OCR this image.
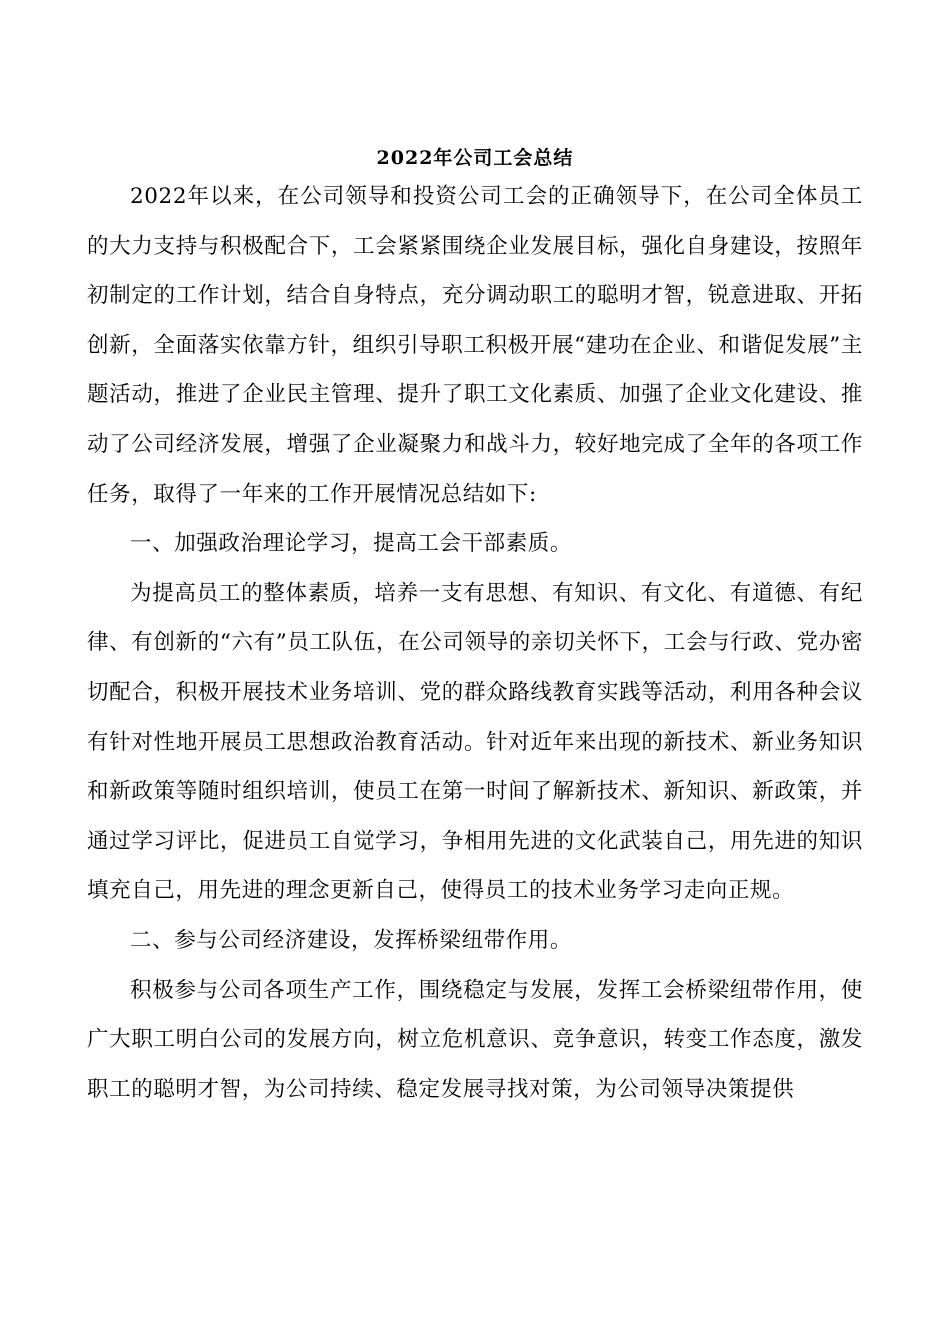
2022年公司工会总结

2022年以来，在公司领导和投资公司工会的正确领导下，在公司全体员工的大力支持与积极配合下，工会紧紧围绕企业发展目标，强化自身建设，按照年初制定的工作计划，结合自身特点，充分调动职工的聪明才智，锐意进取、开拓创新，全面落实依靠方针，组织引导职工积极开展“建功在企业、和谐促发展”主题活动，推进了企业民主管理、提升了职工文化素质、加强了企业文化建设、推动了公司经济发展，增强了企业凝聚力和战斗力，较好地完成了全年的各项工作任务，取得了一年来的工作开展情况总结如下:

一、加强政治理论学习，提高工会干部素质。

为提高员工的整体素质，培养一支有思想、有知识、有文化、有道德、有纪律、有创新的“六有”员工队伍，在公司领导的亲切关怀下，工会与行政、党办密切配合，积极开展技术业务培训、党的群众路线教育实践等活动，利用各种会议有针对性地开展员工思想政治教育活动。针对近年来出现的新技术、新业务知识和新政策等随时组织培训，使员工在第一时间了解新技术、新知识、新政策，并通过学习评比，促进员工自觉学习，争相用先进的文化武装自己，用先进的知识填充自己，用先进的理念更新自己，使得员工的技术业务学习走向正规。

二、参与公司经济建设，发挥桥梁纽带作用。

积极参与公司各项生产工作，围绕稳定与发展，发挥工会桥梁纽带作用，使广大职工明白公司的发展方向，树立危机意识、竞争意识，转变工作态度，激发职工的聪明才智，为公司持续、稳定发展寻找对策，为公司领导决策提供
